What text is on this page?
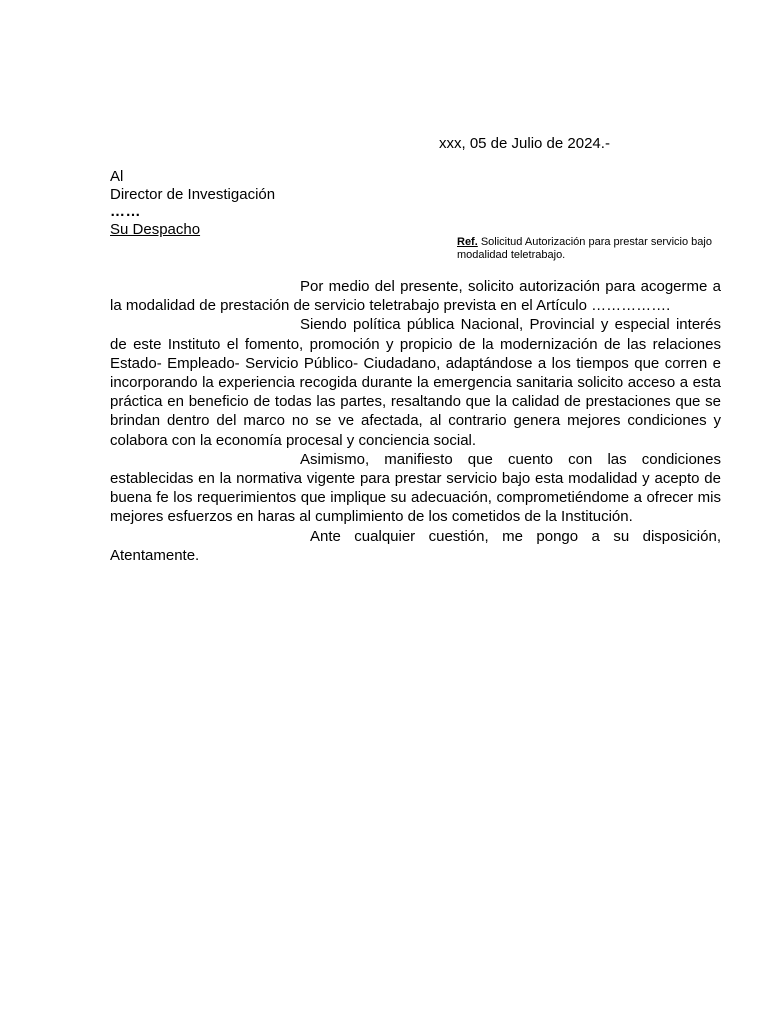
xxx, 05 de Julio de 2024.-
Al
Director de Investigación
……
Su Despacho
Ref. Solicitud Autorización para prestar servicio bajo modalidad teletrabajo.

Por medio del presente, solicito autorización para acogerme a la modalidad de prestación de servicio teletrabajo prevista en el Artículo …………….

Siendo política pública Nacional, Provincial y especial interés de este Instituto el fomento, promoción y propicio de la modernización de las relaciones Estado- Empleado- Servicio Público- Ciudadano, adaptándose a los tiempos que corren e incorporando la experiencia recogida durante la emergencia sanitaria solicito acceso a esta práctica en beneficio de todas las partes, resaltando que la calidad de prestaciones que se brindan dentro del marco no se ve afectada, al contrario genera mejores condiciones y colabora con la economía procesal y conciencia social.

Asimismo, manifiesto que cuento con las condiciones establecidas en la normativa vigente para prestar servicio bajo esta modalidad y acepto de buena fe los requerimientos que implique su adecuación, comprometiéndome a ofrecer mis mejores esfuerzos en haras al cumplimiento de los cometidos de la Institución.

Ante cualquier cuestión, me pongo a su disposición,

Atentamente.
